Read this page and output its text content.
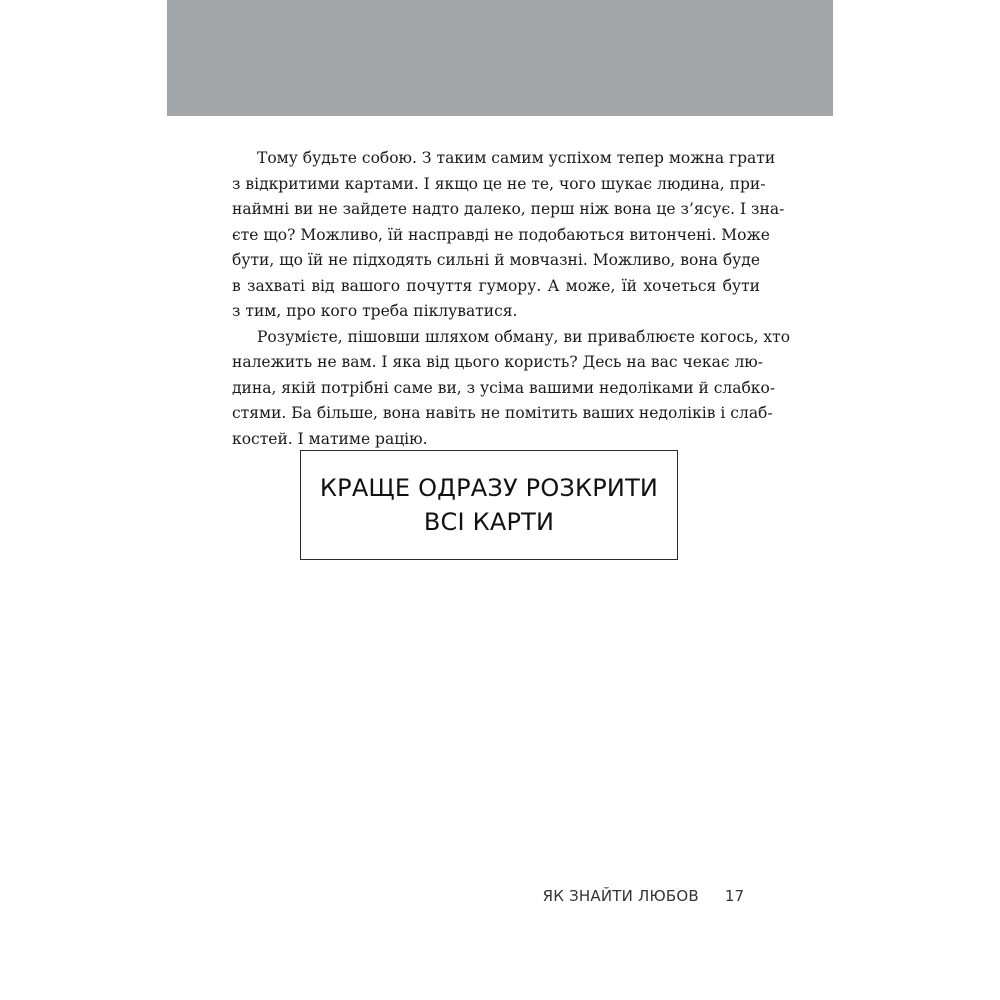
Тому будьте собою. З таким самим успіхом тепер можна грати
з відкритими картами. І якщо це не те, чого шукає людина, при-
наймні ви не зайдете надто далеко, перш ніж вона це з’ясує. І зна-
єте що? Можливо, їй насправді не подобаються витончені. Може
бути, що їй не підходять сильні й мовчазні. Можливо, вона буде
в захваті від вашого почуття гумору. А може, їй хочеться бути
з тим, про кого треба піклуватися.
Розумієте, пішовши шляхом обману, ви приваблюєте когось, хто
належить не вам. І яка від цього користь? Десь на вас чекає лю-
дина, якій потрібні саме ви, з усіма вашими недоліками й слабко-
стями. Ба більше, вона навіть не помітить ваших недоліків і слаб-
костей. І матиме рацію.
КРАЩЕ ОДРАЗУ РОЗКРИТИ
ВСІ КАРТИ
ЯК ЗНАЙТИ ЛЮБОВ 17
